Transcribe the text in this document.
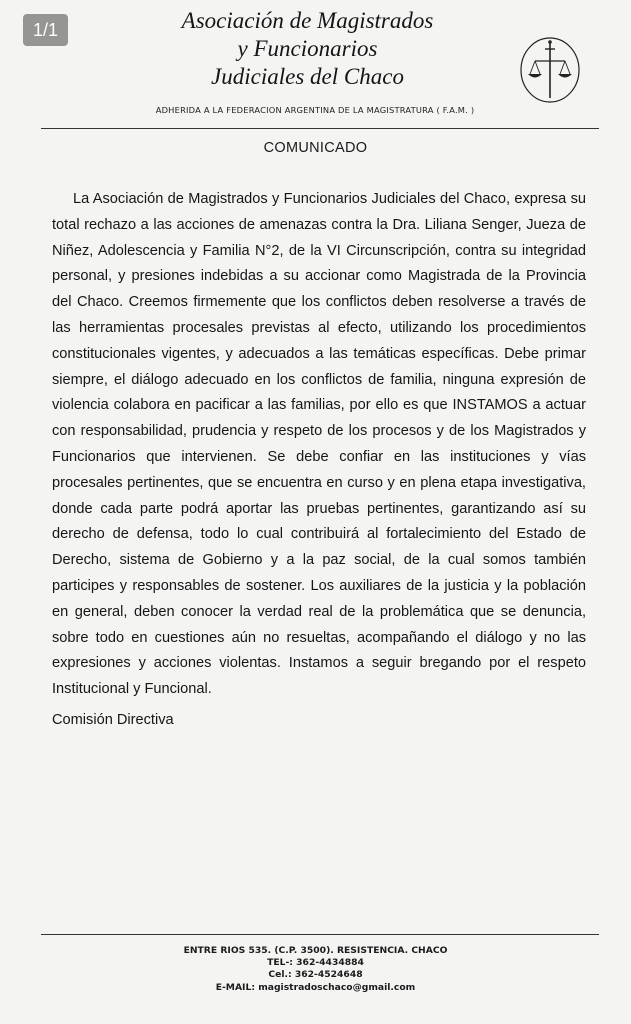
1/1	Asociación de Magistrados
y Funcionarios
Judiciales del Chaco
ADHERIDA A LA FEDERACION ARGENTINA DE LA MAGISTRATURA ( F.A.M. )
COMUNICADO

La Asociación de Magistrados y Funcionarios Judiciales del Chaco, expresa su total rechazo a las acciones de amenazas contra la Dra. Liliana Senger, Jueza de Niñez, Adolescencia y Familia N°2, de la VI Circunscripción, contra su integridad personal, y presiones indebidas a su accionar como Magistrada de la Provincia del Chaco. Creemos firmemente que los conflictos deben resolverse a través de las herramientas procesales previstas al efecto, utilizando los procedimientos constitucionales vigentes, y adecuados a las temáticas específicas. Debe primar siempre, el diálogo adecuado en los conflictos de familia, ninguna expresión de violencia colabora en pacificar a las familias, por ello es que INSTAMOS a actuar con responsabilidad, prudencia y respeto de los procesos y de los Magistrados y Funcionarios que intervienen. Se debe confiar en las instituciones y vías procesales pertinentes, que se encuentra en curso y en plena etapa investigativa, donde cada parte podrá aportar las pruebas pertinentes, garantizando así su derecho de defensa, todo lo cual contribuirá al fortalecimiento del Estado de Derecho, sistema de Gobierno y a la paz social, de la cual somos también participes y responsables de sostener. Los auxiliares de la justicia y la población en general, deben conocer la verdad real de la problemática que se denuncia, sobre todo en cuestiones aún no resueltas, acompañando el diálogo y no las expresiones y acciones violentas. Instamos a seguir bregando por el respeto Institucional y Funcional.

Comisión Directiva
ENTRE RIOS 535. (C.P. 3500). RESISTENCIA. CHACO
TEL-: 362-4434884
Cel.: 362-4524648
E-MAIL: magistradoschaco@gmail.com
